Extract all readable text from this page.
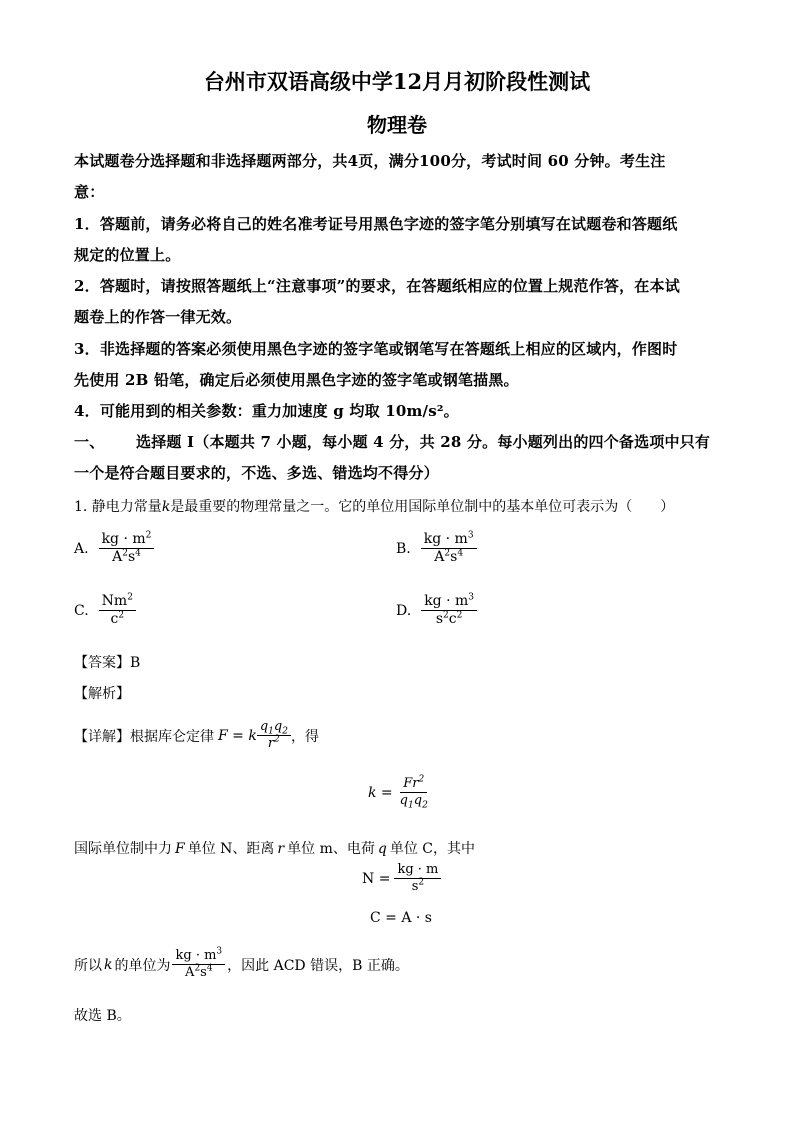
台州市双语高级中学12月月初阶段性测试
物理卷
本试题卷分选择题和非选择题两部分，共4页，满分100分，考试时间 60 分钟。考生注
意：
1．答题前，请务必将自己的姓名准考证号用黑色字迹的签字笔分别填写在试题卷和答题纸
规定的位置上。
2．答题时，请按照答题纸上“注意事项”的要求，在答题纸相应的位置上规范作答，在本试
题卷上的作答一律无效。
3．非选择题的答案必须使用黑色字迹的签字笔或钢笔写在答题纸上相应的区域内，作图时
先使用 2B 铅笔，确定后必须使用黑色字迹的签字笔或钢笔描黑。
4．可能用到的相关参数：重力加速度 g 均取 10m/s²。
一、 选择题 I（本题共 7 小题，每小题 4 分，共 28 分。每小题列出的四个备选项中只有
一个是符合题目要求的，不选、多选、错选均不得分）
1. 静电力常量k是最重要的物理常量之一。它的单位用国际单位制中的基本单位可表示为（　　）
A. $\frac{kg \cdot m^2}{A^2s^4}$	B. $\frac{kg \cdot m^3}{A^2s^4}$
C. $\frac{Nm^2}{c^2}$	D. $\frac{kg \cdot m^3}{s^2c^2}$
【答案】B
【解析】
【详解】 根据库仑定律 F = k $\frac{q_1q_2}{r^2}$ ，得
$k = \frac{Fr^2}{q_1q_2}$
国际单位制中力 F 单位 N、距离 r 单位 m、电荷 q 单位 C，其中
$N = \frac{kg \cdot m}{s^2}$
C = A · s
所以 k 的单位为 $\frac{kg \cdot m^3}{A^2s^4}$ ，因此 ACD 错误，B 正确。
故选 B。
